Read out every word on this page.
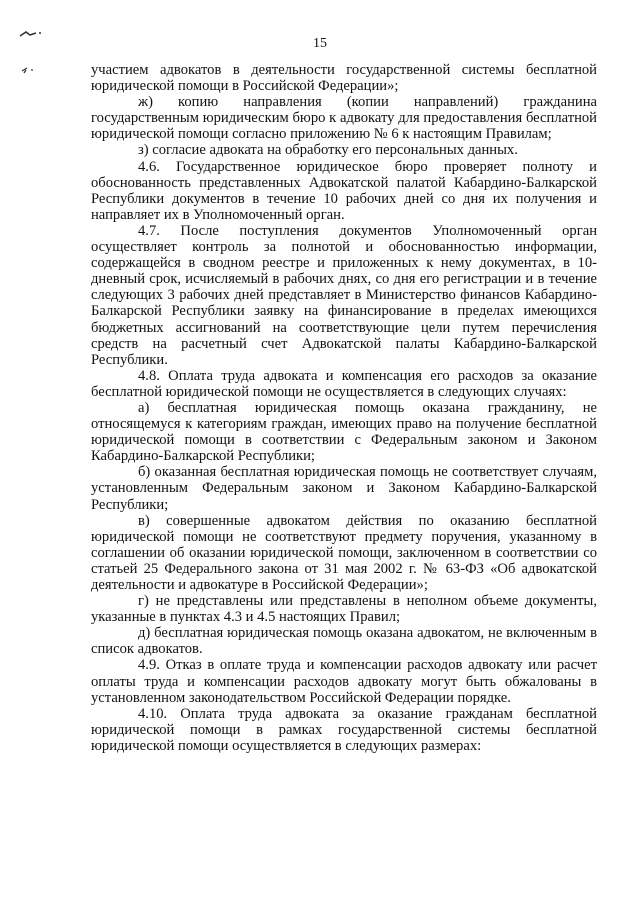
15

участием адвокатов в деятельности государственной системы бесплатной юридической помощи в Российской Федерации»;

ж) копию направления (копии направлений) гражданина государственным юридическим бюро к адвокату для предоставления бесплатной юридической помощи согласно приложению № 6 к настоящим Правилам;

з) согласие адвоката на обработку его персональных данных.

4.6. Государственное юридическое бюро проверяет полноту и обоснованность представленных Адвокатской палатой Кабардино-Балкарской Республики документов в течение 10 рабочих дней со дня их получения и направляет их в Уполномоченный орган.

4.7. После поступления документов Уполномоченный орган осуществляет контроль за полнотой и обоснованностью информации, содержащейся в сводном реестре и приложенных к нему документах, в 10-дневный срок, исчисляемый в рабочих днях, со дня его регистрации и в течение следующих 3 рабочих дней представляет в Министерство финансов Кабардино-Балкарской Республики заявку на финансирование в пределах имеющихся бюджетных ассигнований на соответствующие цели путем перечисления средств на расчетный счет Адвокатской палаты Кабардино-Балкарской Республики.

4.8. Оплата труда адвоката и компенсация его расходов за оказание бесплатной юридической помощи не осуществляется в следующих случаях:

а) бесплатная юридическая помощь оказана гражданину, не относящемуся к категориям граждан, имеющих право на получение бесплатной юридической помощи в соответствии с Федеральным законом и Законом Кабардино-Балкарской Республики;

б) оказанная бесплатная юридическая помощь не соответствует случаям, установленным Федеральным законом и Законом Кабардино-Балкарской Республики;

в) совершенные адвокатом действия по оказанию бесплатной юридической помощи не соответствуют предмету поручения, указанному в соглашении об оказании юридической помощи, заключенном в соответствии со статьей 25 Федерального закона от 31 мая 2002 г. № 63-ФЗ «Об адвокатской деятельности и адвокатуре в Российской Федерации»;

г) не представлены или представлены в неполном объеме документы, указанные в пунктах 4.3 и 4.5 настоящих Правил;

д) бесплатная юридическая помощь оказана адвокатом, не включенным в список адвокатов.

4.9. Отказ в оплате труда и компенсации расходов адвокату или расчет оплаты труда и компенсации расходов адвокату могут быть обжалованы в установленном законодательством Российской Федерации порядке.

4.10. Оплата труда адвоката за оказание гражданам бесплатной юридической помощи в рамках государственной системы бесплатной юридической помощи осуществляется в следующих размерах:
